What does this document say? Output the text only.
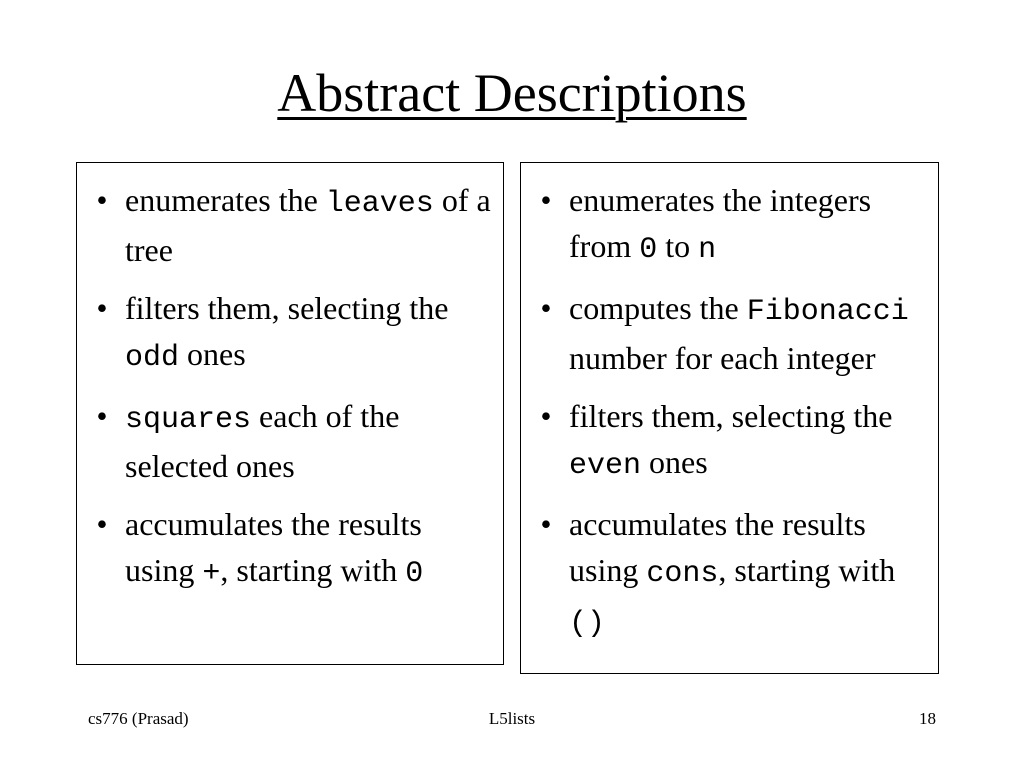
Abstract Descriptions
• enumerates the leaves of a tree
• filters them, selecting the odd ones
• squares each of the selected ones
• accumulates the results using +, starting with 0
• enumerates the integers from 0 to n
• computes the Fibonacci number for each integer
• filters them, selecting the even ones
• accumulates the results using cons, starting with ()
cs776 (Prasad)	L5lists	18
